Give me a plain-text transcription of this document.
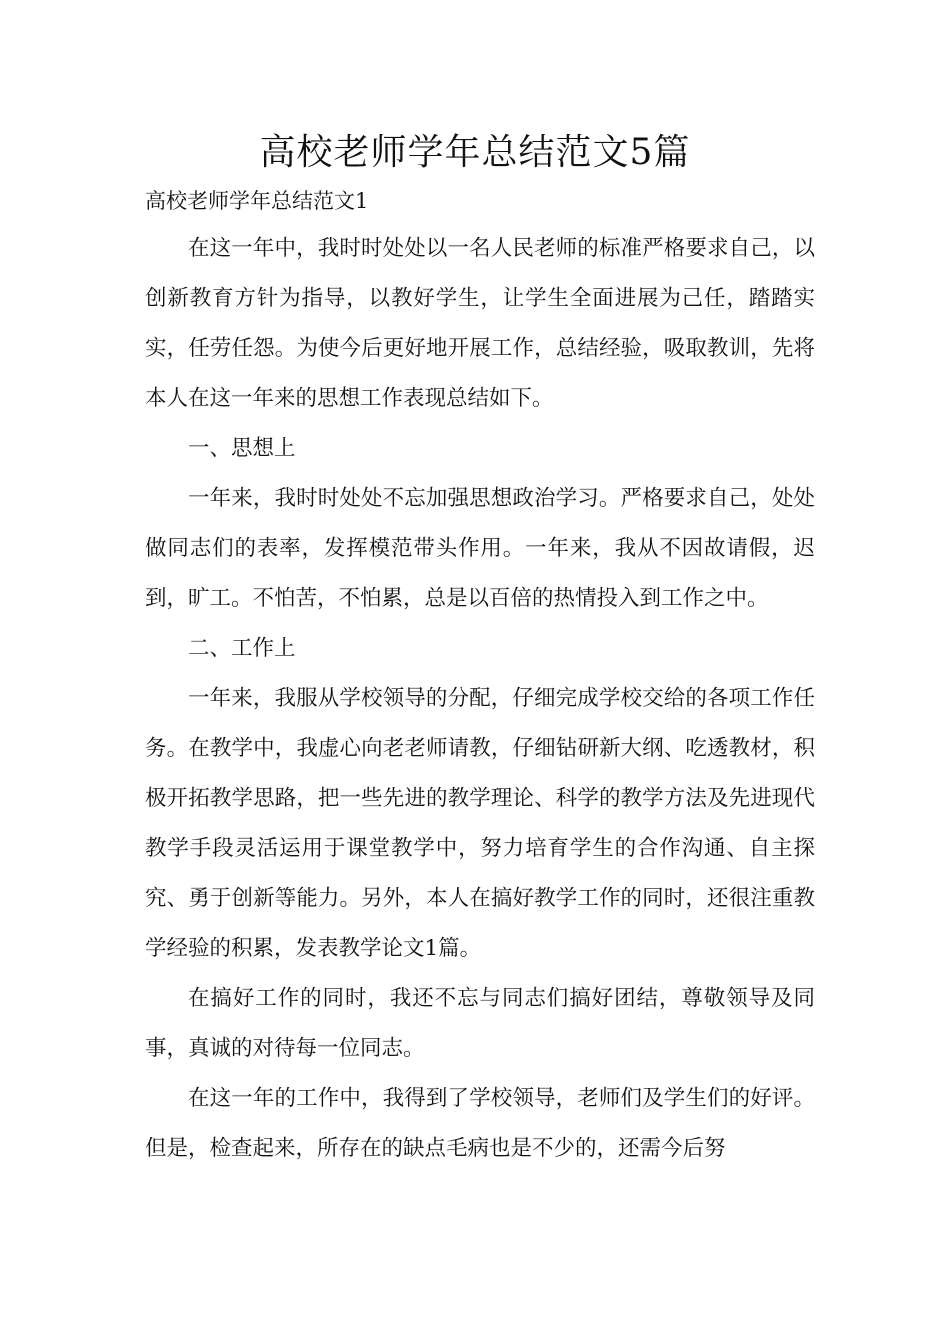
高校老师学年总结范文5篇

高校老师学年总结范文1

在这一年中，我时时处处以一名人民老师的标准严格要求自己，以创新教育方针为指导，以教好学生，让学生全面进展为己任，踏踏实实，任劳任怨。为使今后更好地开展工作，总结经验，吸取教训，先将本人在这一年来的思想工作表现总结如下。

一、思想上

一年来，我时时处处不忘加强思想政治学习。严格要求自己，处处做同志们的表率，发挥模范带头作用。一年来，我从不因故请假，迟到，旷工。不怕苦，不怕累，总是以百倍的热情投入到工作之中。

二、工作上

一年来，我服从学校领导的分配，仔细完成学校交给的各项工作任务。在教学中，我虚心向老老师请教，仔细钻研新大纲、吃透教材，积极开拓教学思路，把一些先进的教学理论、科学的教学方法及先进现代教学手段灵活运用于课堂教学中，努力培育学生的合作沟通、自主探究、勇于创新等能力。另外，本人在搞好教学工作的同时，还很注重教学经验的积累，发表教学论文1篇。

在搞好工作的同时，我还不忘与同志们搞好团结，尊敬领导及同事，真诚的对待每一位同志。

在这一年的工作中，我得到了学校领导，老师们及学生们的好评。但是，检查起来，所存在的缺点毛病也是不少的，还需今后努
